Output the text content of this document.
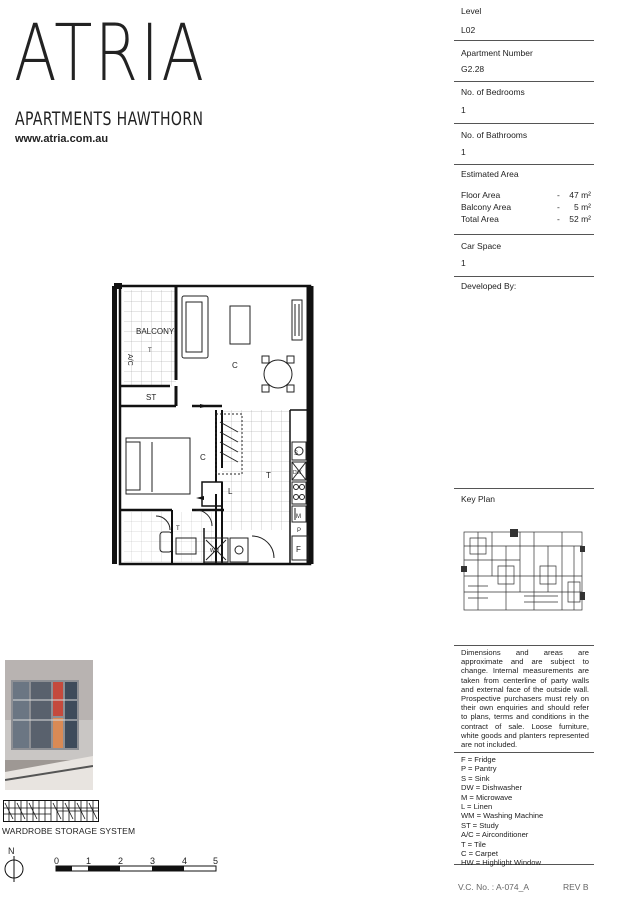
ATRIA
APARTMENTS HAWTHORN
www.atria.com.au
Level
L02
Apartment Number
G2.28
No. of Bedrooms
1
No. of Bathrooms
1
Estimated Area
Floor Area	- 47 m²
Balcony Area	- 5 m²
Total Area	- 52 m²
Car Space
1
Developed By:
Key Plan
Dimensions and areas are approximate and are subject to change. Internal measurements are taken from centerline of party walls and external face of the outside wall. Prospective purchasers must rely on their own enquiries and should refer to plans, terms and conditions in the contract of sale. Loose furniture, white goods and planters represented are not included.
F = Fridge
P = Pantry
S = Sink
DW = Dishwasher
M = Microwave
L = Linen
WM = Washing Machine
ST = Study
A/C = Airconditioner
T = Tile
C = Carpet
HW = Highlight Window
V.C. No. : A-074_A	REV B
BALCONY
T
A/C	C
ST
C
T
L
S
DW
M
P
F
WM
T
WARDROBE STORAGE SYSTEM
N
0	1	2	3	4	5
